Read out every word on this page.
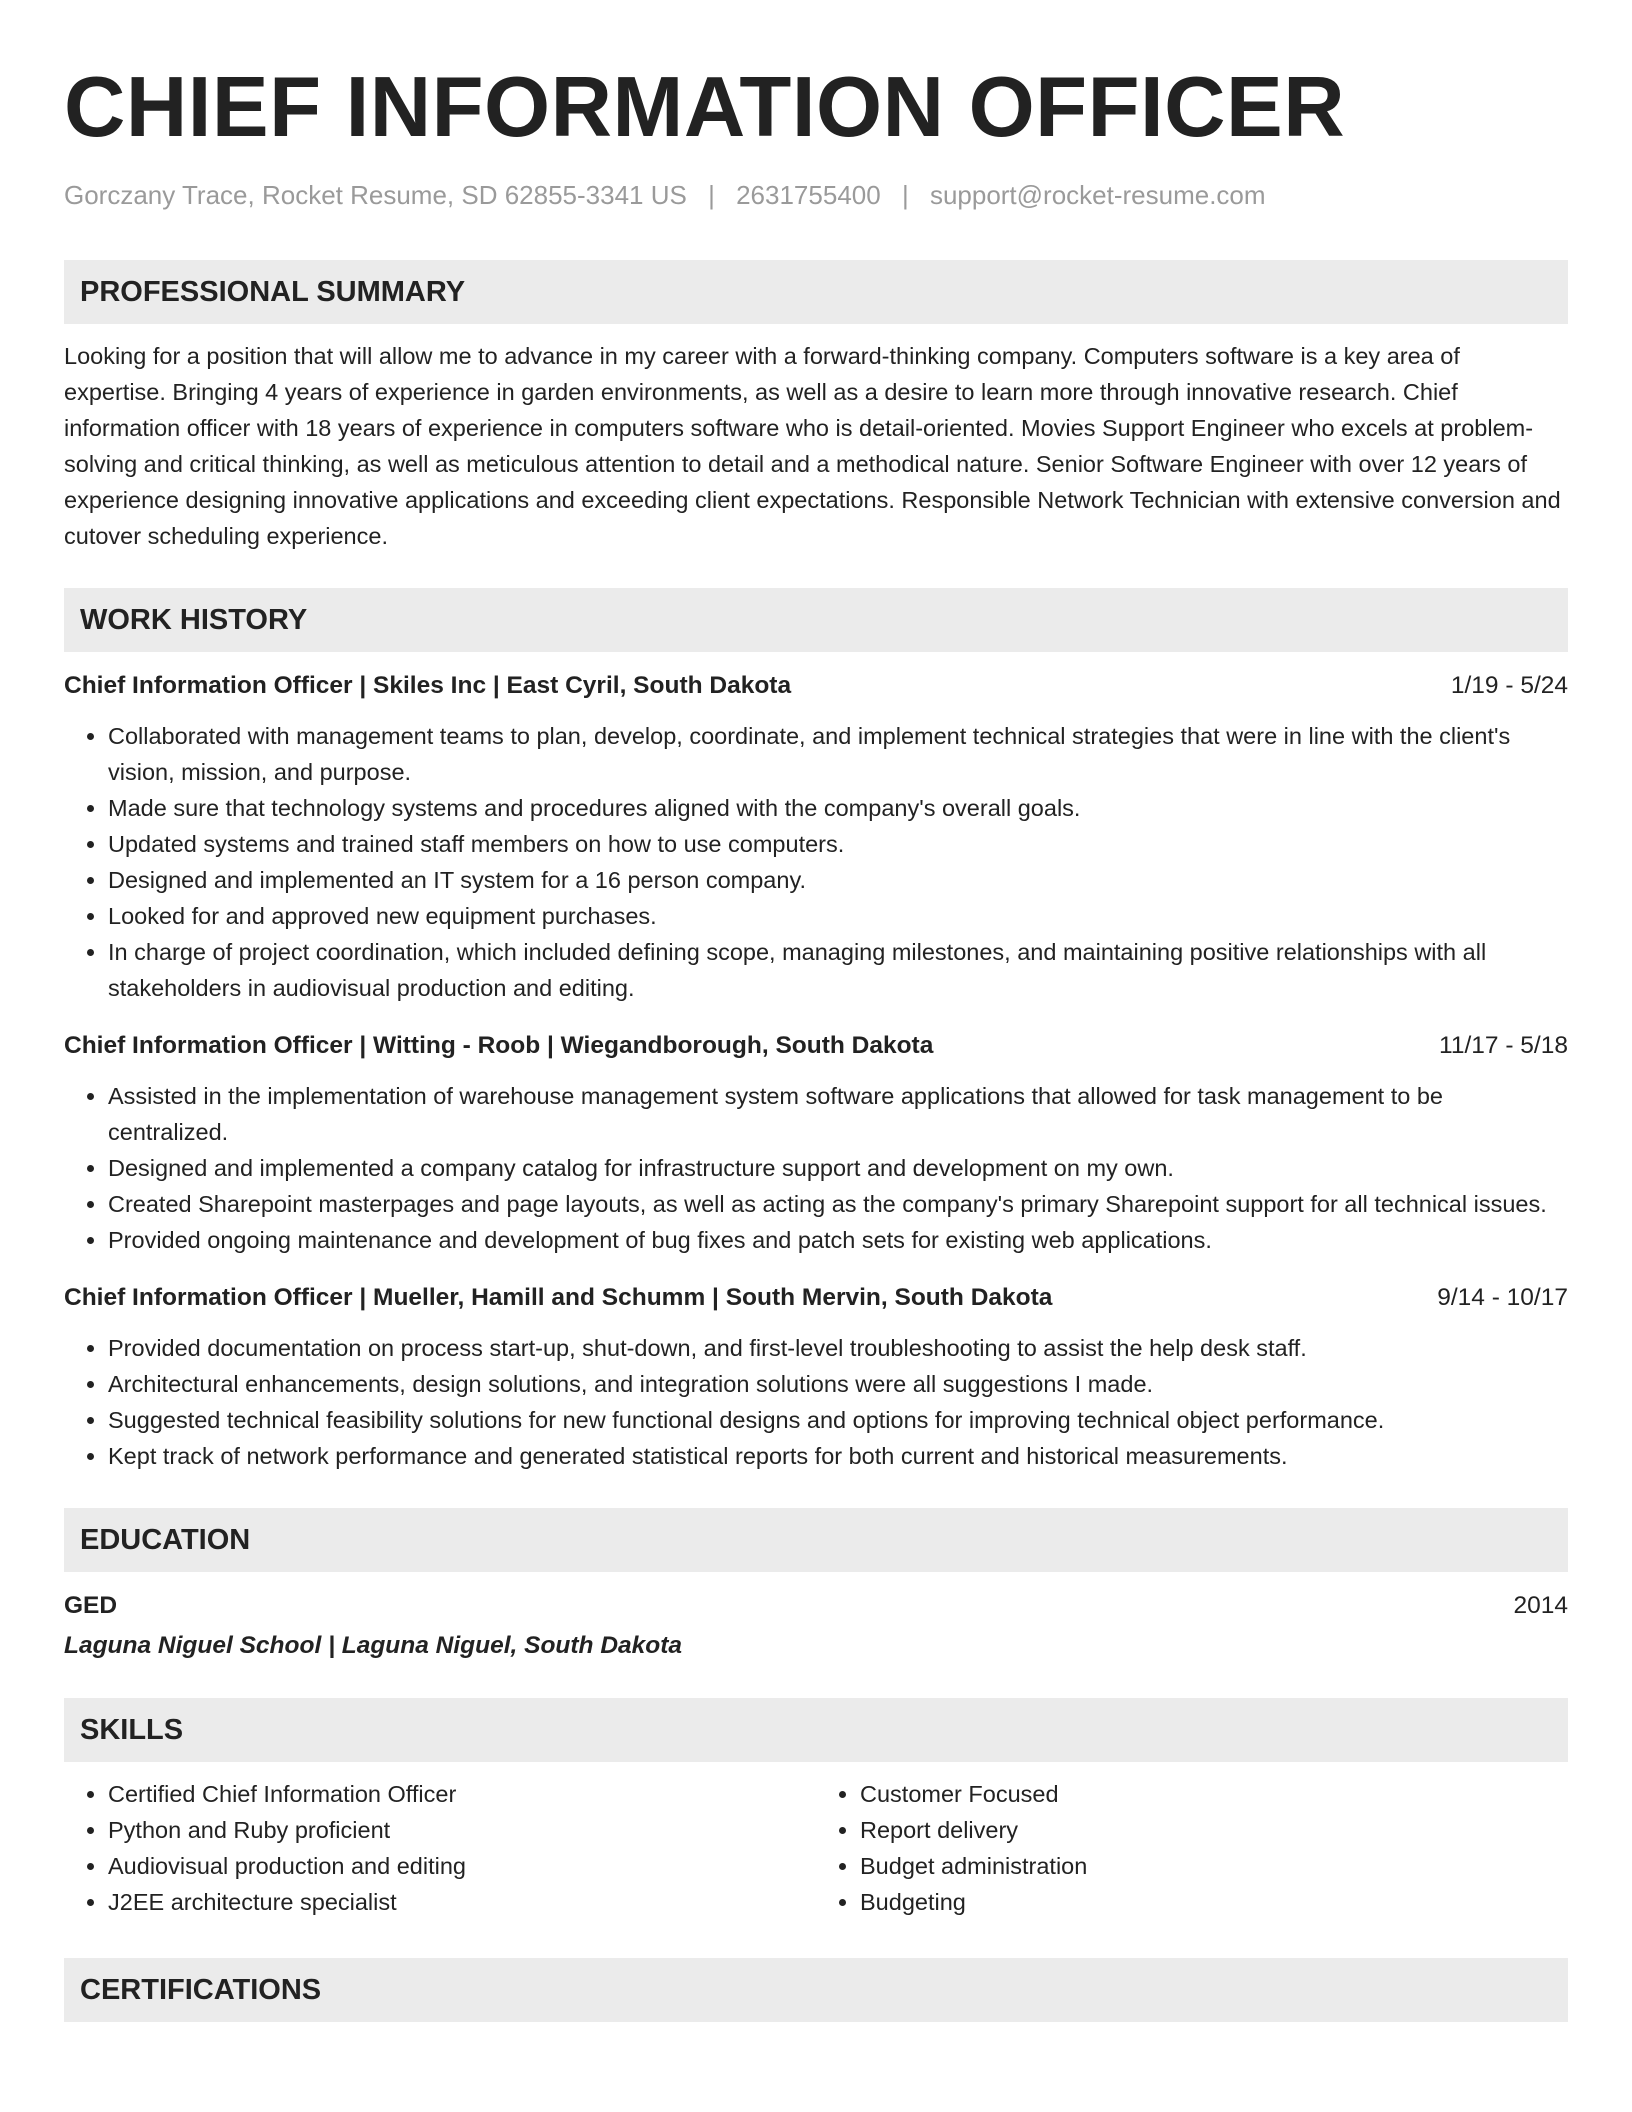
CHIEF INFORMATION OFFICER
Gorczany Trace, Rocket Resume, SD 62855-3341 US | 2631755400 | support@rocket-resume.com
PROFESSIONAL SUMMARY
Looking for a position that will allow me to advance in my career with a forward-thinking company. Computers software is a key area of expertise. Bringing 4 years of experience in garden environments, as well as a desire to learn more through innovative research. Chief information officer with 18 years of experience in computers software who is detail-oriented. Movies Support Engineer who excels at problem-solving and critical thinking, as well as meticulous attention to detail and a methodical nature. Senior Software Engineer with over 12 years of experience designing innovative applications and exceeding client expectations. Responsible Network Technician with extensive conversion and cutover scheduling experience.
WORK HISTORY
Chief Information Officer | Skiles Inc | East Cyril, South Dakota	1/19 - 5/24
• Collaborated with management teams to plan, develop, coordinate, and implement technical strategies that were in line with the client's vision, mission, and purpose.
• Made sure that technology systems and procedures aligned with the company's overall goals.
• Updated systems and trained staff members on how to use computers.
• Designed and implemented an IT system for a 16 person company.
• Looked for and approved new equipment purchases.
• In charge of project coordination, which included defining scope, managing milestones, and maintaining positive relationships with all stakeholders in audiovisual production and editing.
Chief Information Officer | Witting - Roob | Wiegandborough, South Dakota	11/17 - 5/18
• Assisted in the implementation of warehouse management system software applications that allowed for task management to be centralized.
• Designed and implemented a company catalog for infrastructure support and development on my own.
• Created Sharepoint masterpages and page layouts, as well as acting as the company's primary Sharepoint support for all technical issues.
• Provided ongoing maintenance and development of bug fixes and patch sets for existing web applications.
Chief Information Officer | Mueller, Hamill and Schumm | South Mervin, South Dakota	9/14 - 10/17
• Provided documentation on process start-up, shut-down, and first-level troubleshooting to assist the help desk staff.
• Architectural enhancements, design solutions, and integration solutions were all suggestions I made.
• Suggested technical feasibility solutions for new functional designs and options for improving technical object performance.
• Kept track of network performance and generated statistical reports for both current and historical measurements.
EDUCATION
GED	2014
Laguna Niguel School | Laguna Niguel, South Dakota
SKILLS
• Certified Chief Information Officer
• Python and Ruby proficient
• Audiovisual production and editing
• J2EE architecture specialist
• Customer Focused
• Report delivery
• Budget administration
• Budgeting
CERTIFICATIONS
